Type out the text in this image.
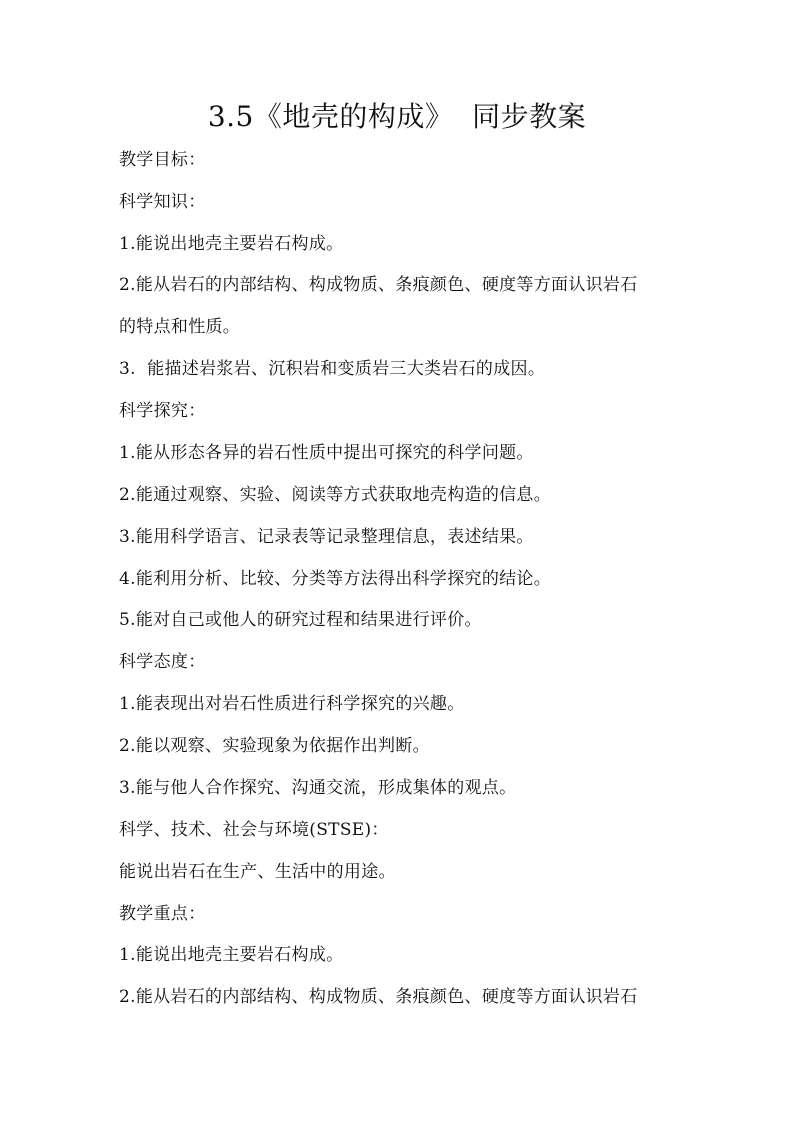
3.5《地壳的构成》  同步教案
教学目标：
科学知识：
1.能说出地壳主要岩石构成。
2.能从岩石的内部结构、构成物质、条痕颜色、硬度等方面认识岩石
的特点和性质。
3.  能描述岩浆岩、沉积岩和变质岩三大类岩石的成因。
科学探究：
1.能从形态各异的岩石性质中提出可探究的科学问题。
2.能通过观察、实验、阅读等方式获取地壳构造的信息。
3.能用科学语言、记录表等记录整理信息，表述结果。
4.能利用分析、比较、分类等方法得出科学探究的结论。
5.能对自己或他人的研究过程和结果进行评价。
科学态度：
1.能表现出对岩石性质进行科学探究的兴趣。
2.能以观察、实验现象为依据作出判断。
3.能与他人合作探究、沟通交流，形成集体的观点。
科学、技术、社会与环境(STSE)：
能说出岩石在生产、生活中的用途。
教学重点：
1.能说出地壳主要岩石构成。
2.能从岩石的内部结构、构成物质、条痕颜色、硬度等方面认识岩石
